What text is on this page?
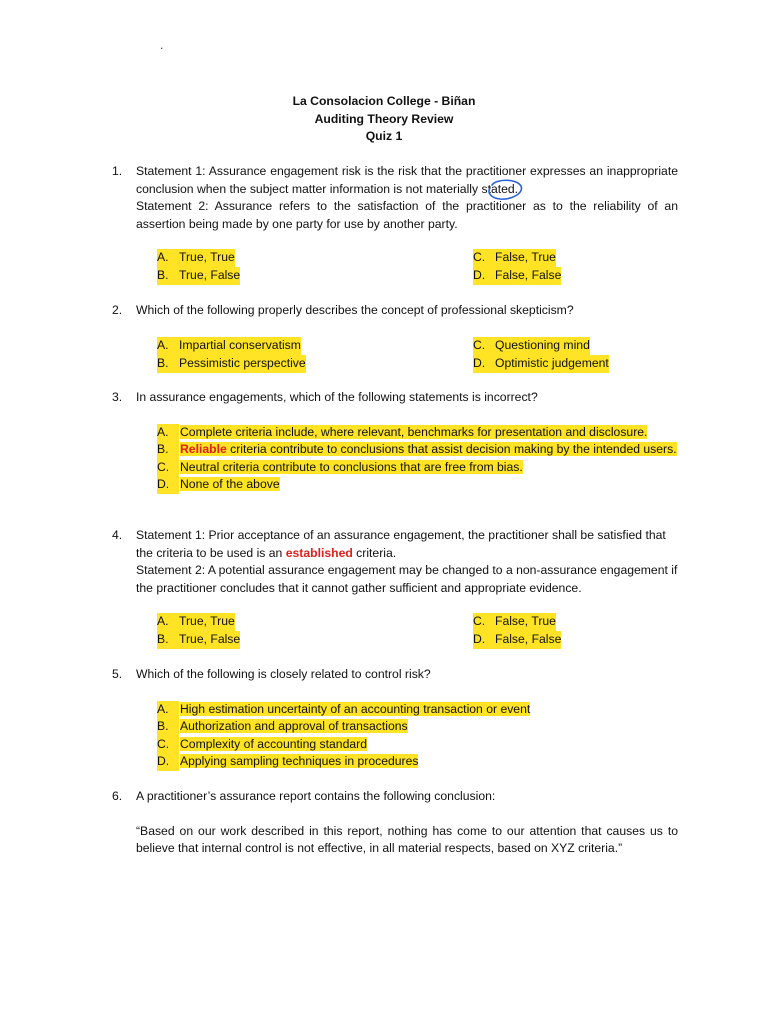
.
La Consolacion College - Biñan
Auditing Theory Review
Quiz 1
1. Statement 1: Assurance engagement risk is the risk that the practitioner expresses an inappropriate conclusion when the subject matter information is not materially stated.
Statement 2: Assurance refers to the satisfaction of the practitioner as to the reliability of an assertion being made by one party for use by another party.
A. True, True
B. True, False
C. False, True
D. False, False
2. Which of the following properly describes the concept of professional skepticism?
A. Impartial conservatism
B. Pessimistic perspective
C. Questioning mind
D. Optimistic judgement
3. In assurance engagements, which of the following statements is incorrect?
A. Complete criteria include, where relevant, benchmarks for presentation and disclosure.
B. Reliable criteria contribute to conclusions that assist decision making by the intended users.
C. Neutral criteria contribute to conclusions that are free from bias.
D. None of the above
4. Statement 1: Prior acceptance of an assurance engagement, the practitioner shall be satisfied that the criteria to be used is an established criteria.
Statement 2: A potential assurance engagement may be changed to a non-assurance engagement if the practitioner concludes that it cannot gather sufficient and appropriate evidence.
A. True, True
B. True, False
C. False, True
D. False, False
5. Which of the following is closely related to control risk?
A. High estimation uncertainty of an accounting transaction or event
B. Authorization and approval of transactions
C. Complexity of accounting standard
D. Applying sampling techniques in procedures
6. A practitioner’s assurance report contains the following conclusion:
“Based on our work described in this report, nothing has come to our attention that causes us to believe that internal control is not effective, in all material respects, based on XYZ criteria.”
